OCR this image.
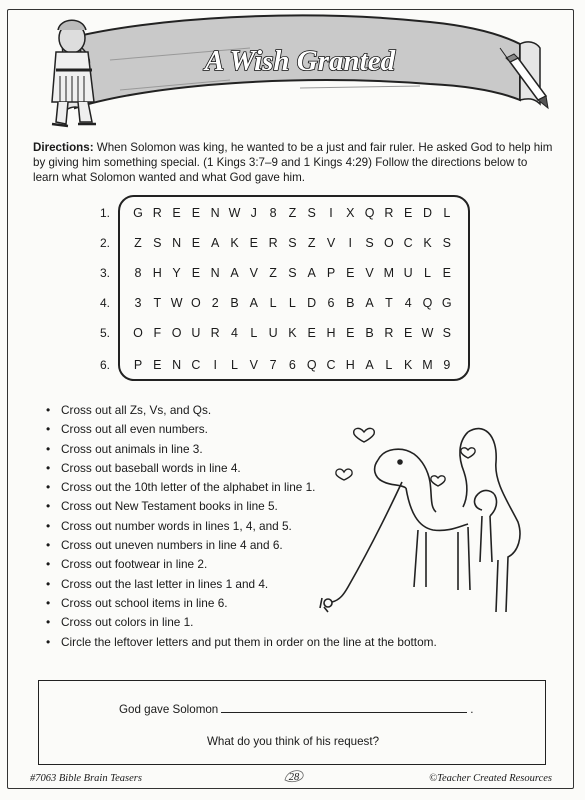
A Wish Granted
Directions: When Solomon was king, he wanted to be a just and fair ruler. He asked God to help him by giving him something special. (1 Kings 3:7–9 and 1 Kings 4:29) Follow the directions below to learn what Solomon wanted and what God gave him.
1. G R E E N W J	8 Z S	I	X Q R E D L
2.	Z S N E A K E R S Z V	I	S O C K S
3.	8 H Y E N A V Z S A P E V M U L E
4.	3 T W O 2 B A L L D 6 B A T 4 Q G
5. O F O U R 4 L U K E H E B R E W S
6.	P E N C	I	L V 7 6 Q C H A L K M 9
• Cross out all Zs, Vs, and Qs.
• Cross out all even numbers.
• Cross out animals in line 3.
• Cross out baseball words in line 4.
• Cross out the 10th letter of the alphabet in line 1.
• Cross out New Testament books in line 5.
• Cross out number words in lines 1, 4, and 5.
• Cross out uneven numbers in line 4 and 6.
• Cross out footwear in line 2.
• Cross out the last letter in lines 1 and 4.
• Cross out school items in line 6.
• Cross out colors in line 1.
• Circle the leftover letters and put them in order on the line at the bottom.
God gave Solomon	.
What do you think of his request?
#7063 Bible Brain Teasers	28	©Teacher Created Resources
